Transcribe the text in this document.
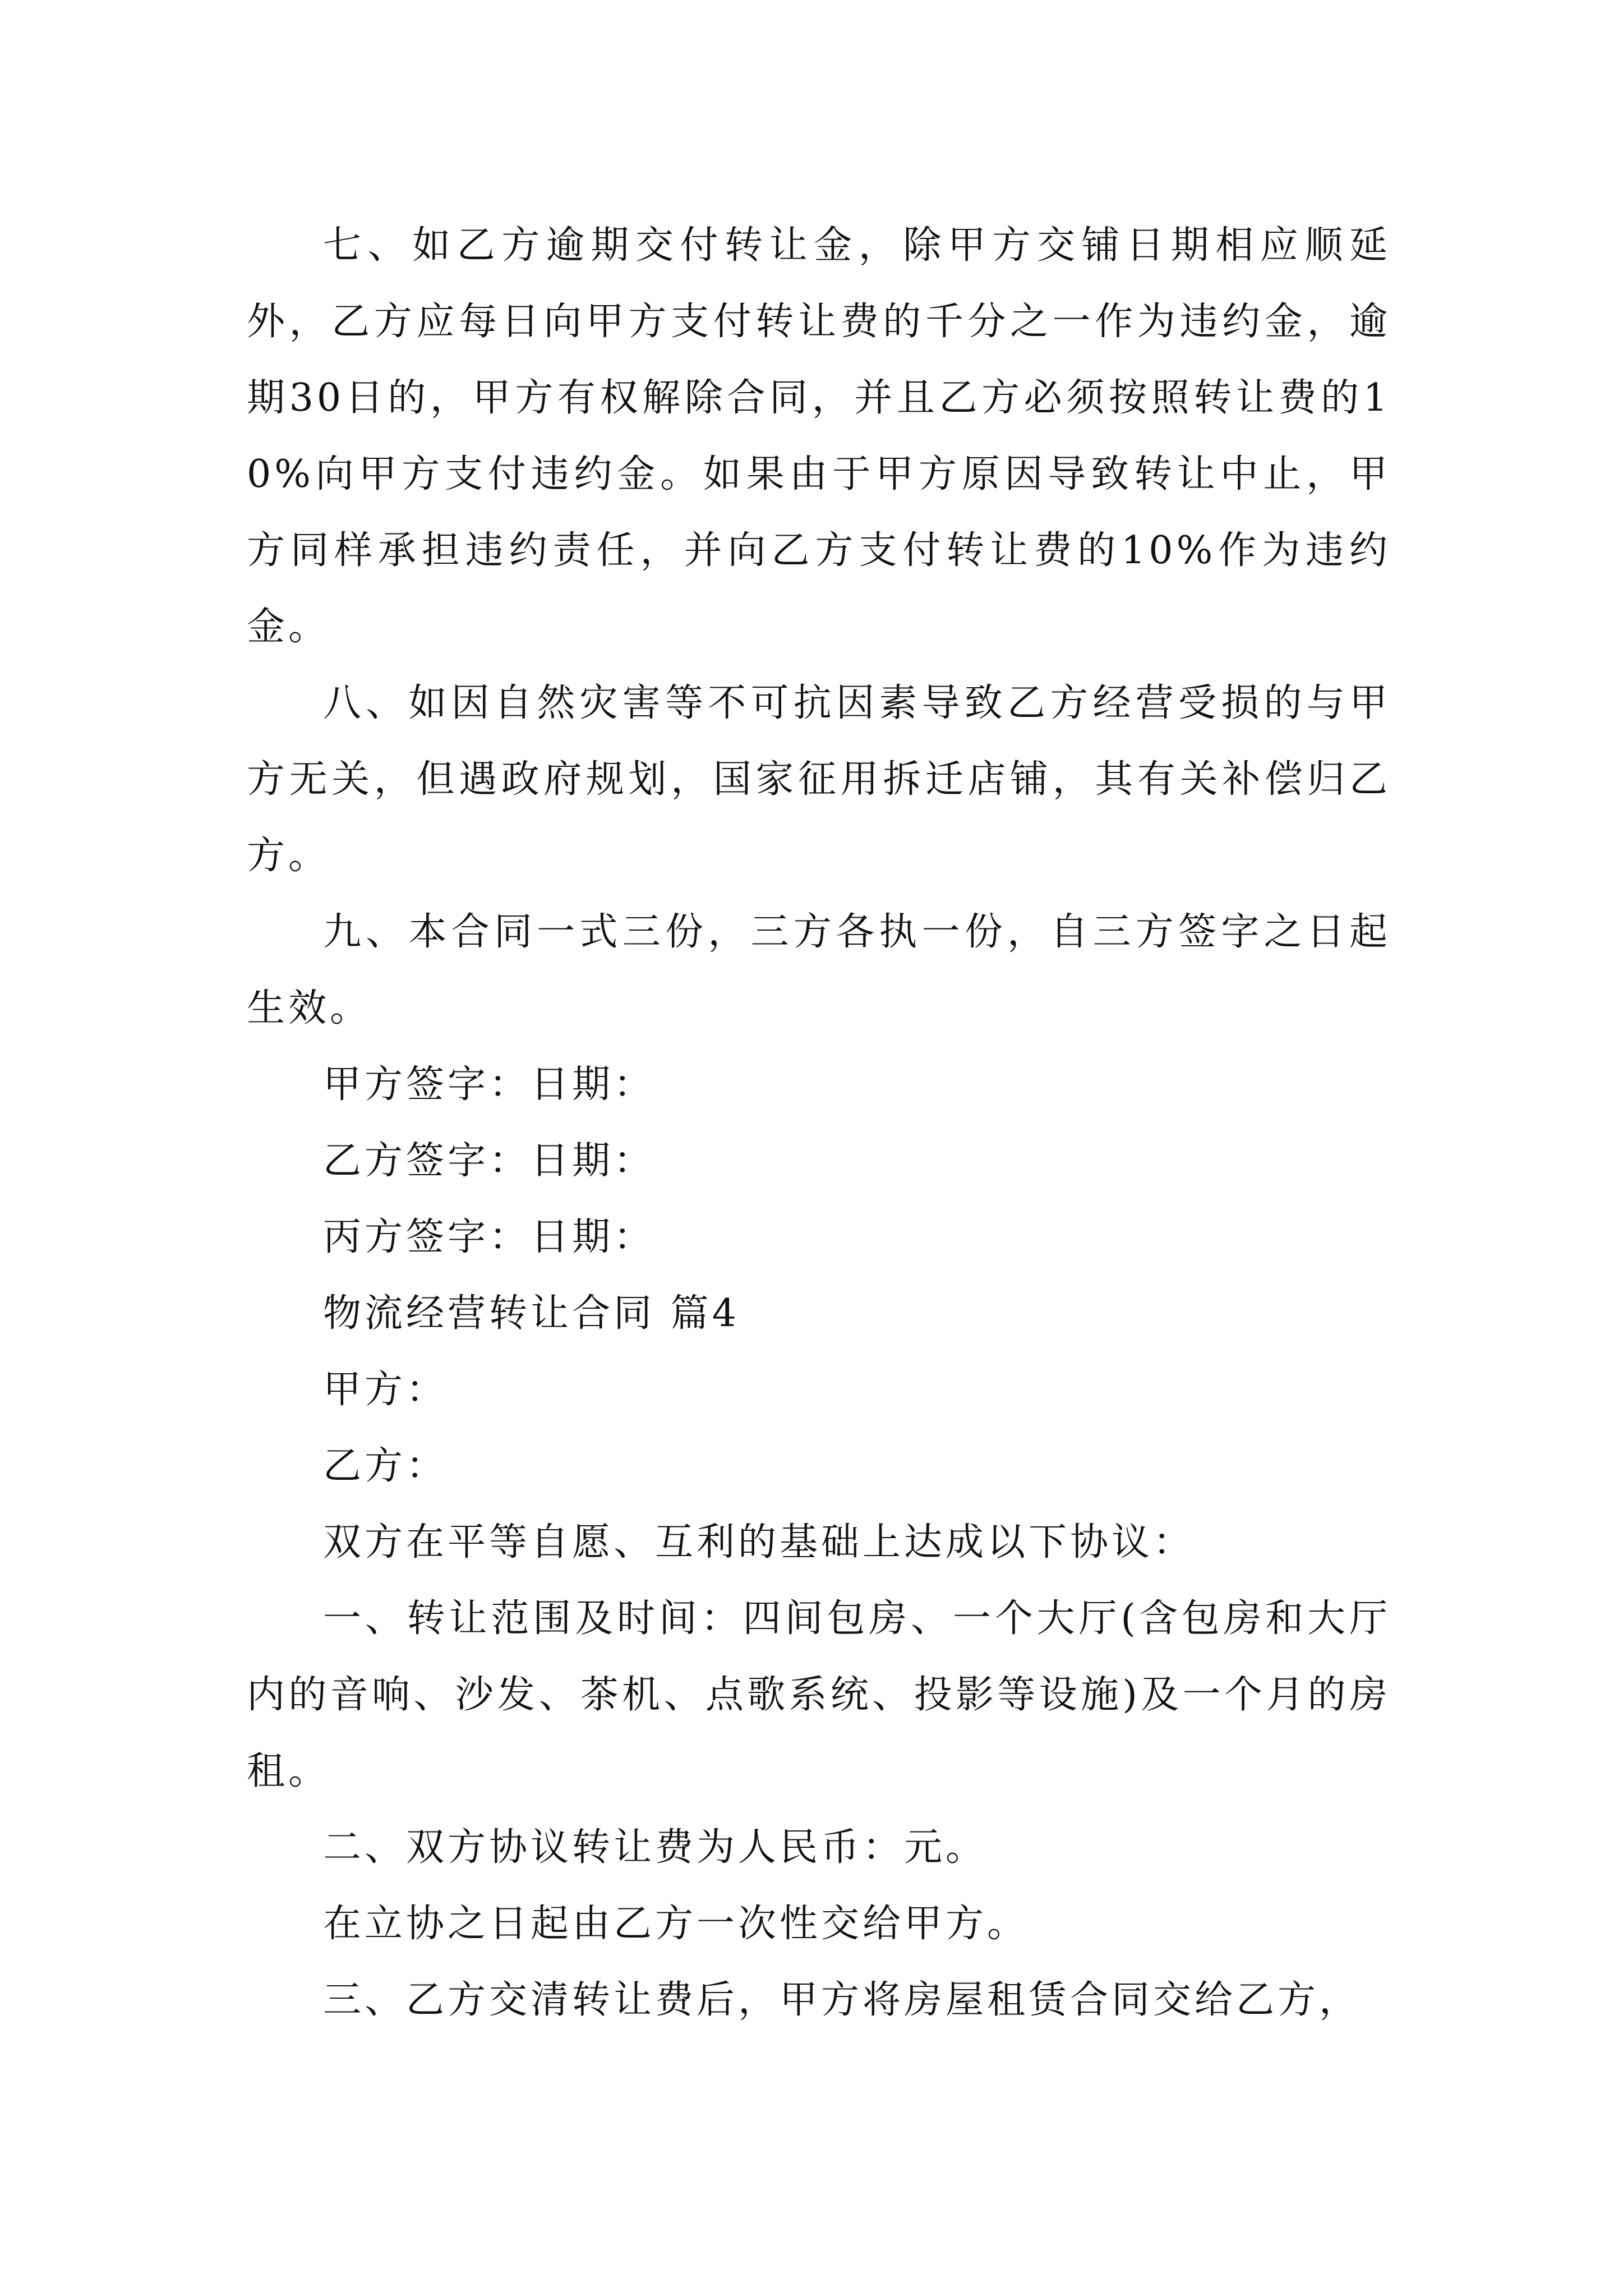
七、如乙方逾期交付转让金，除甲方交铺日期相应顺延外，乙方应每日向甲方支付转让费的千分之一作为违约金，逾期30日的，甲方有权解除合同，并且乙方必须按照转让费的10%向甲方支付违约金。如果由于甲方原因导致转让中止，甲方同样承担违约责任，并向乙方支付转让费的10%作为违约金。

八、如因自然灾害等不可抗因素导致乙方经营受损的与甲方无关，但遇政府规划，国家征用拆迁店铺，其有关补偿归乙方。

九、本合同一式三份，三方各执一份，自三方签字之日起生效。

甲方签字：日期：

乙方签字：日期：

丙方签字：日期：

物流经营转让合同 篇4

甲方：

乙方：

双方在平等自愿、互利的基础上达成以下协议：

一、转让范围及时间：四间包房、一个大厅(含包房和大厅内的音响、沙发、茶机、点歌系统、投影等设施)及一个月的房租。

二、双方协议转让费为人民币：元。

在立协之日起由乙方一次性交给甲方。

三、乙方交清转让费后，甲方将房屋租赁合同交给乙方，
